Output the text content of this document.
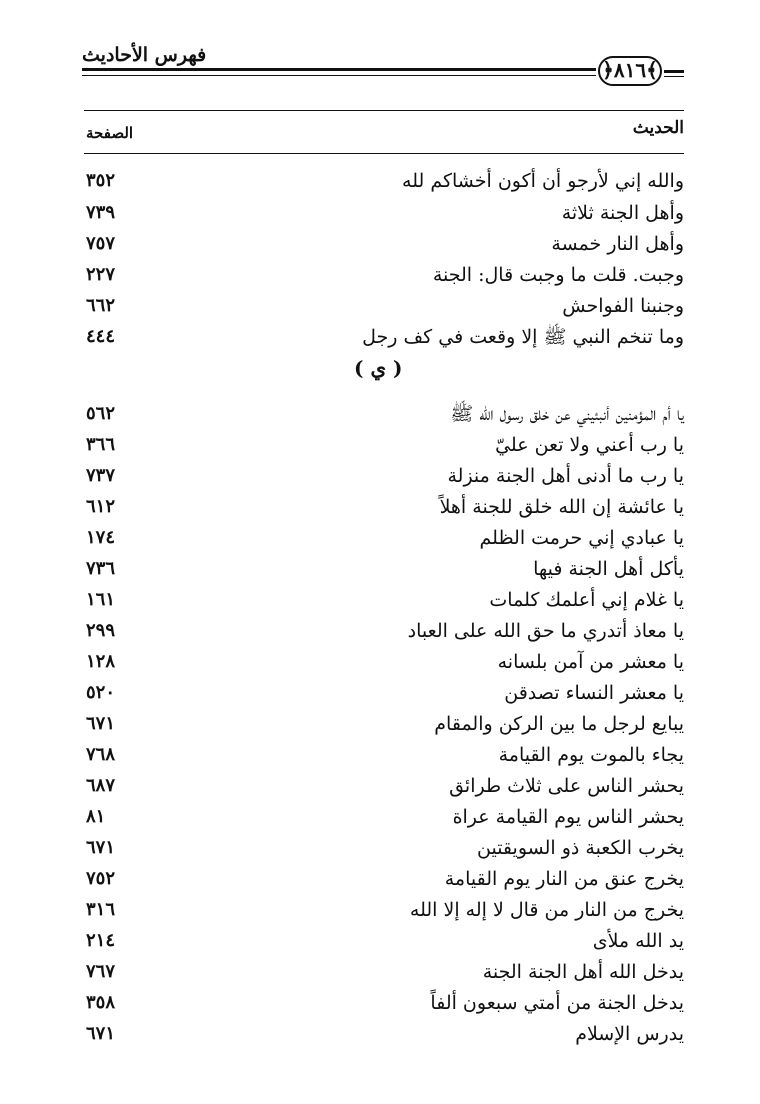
فهرس الأحاديث
﴿٨١٦﴾
الحديث
الصفحة
والله إني لأرجو أن أكون أخشاكم لله
٣٥٢
وأهل الجنة ثلاثة
٧٣٩
وأهل النار خمسة
٧٥٧
وجبت. قلت ما وجبت قال: الجنة
٢٢٧
وجنبنا الفواحش
٦٦٢
وما تنخم النبي ﷺ إلا وقعت في كف رجل
٤٤٤
( ي )
يا أم المؤمنين أنبئيني عن خلق رسول الله ﷺ
٥٦٢
يا رب أعني ولا تعن عليّ
٣٦٦
يا رب ما أدنى أهل الجنة منزلة
٧٣٧
يا عائشة إن الله خلق للجنة أهلاً
٦١٢
يا عبادي إني حرمت الظلم
١٧٤
يأكل أهل الجنة فيها
٧٣٦
يا غلام إني أعلمك كلمات
١٦١
يا معاذ أتدري ما حق الله على العباد
٢٩٩
يا معشر من آمن بلسانه
١٢٨
يا معشر النساء تصدقن
٥٢٠
يبايع لرجل ما بين الركن والمقام
٦٧١
يجاء بالموت يوم القيامة
٧٦٨
يحشر الناس على ثلاث طرائق
٦٨٧
يحشر الناس يوم القيامة عراة
٨١
يخرب الكعبة ذو السويقتين
٦٧١
يخرج عنق من النار يوم القيامة
٧٥٢
يخرج من النار من قال لا إله إلا الله
٣١٦
يد الله ملأى
٢١٤
يدخل الله أهل الجنة الجنة
٧٦٧
يدخل الجنة من أمتي سبعون ألفاً
٣٥٨
يدرس الإسلام
٦٧١
